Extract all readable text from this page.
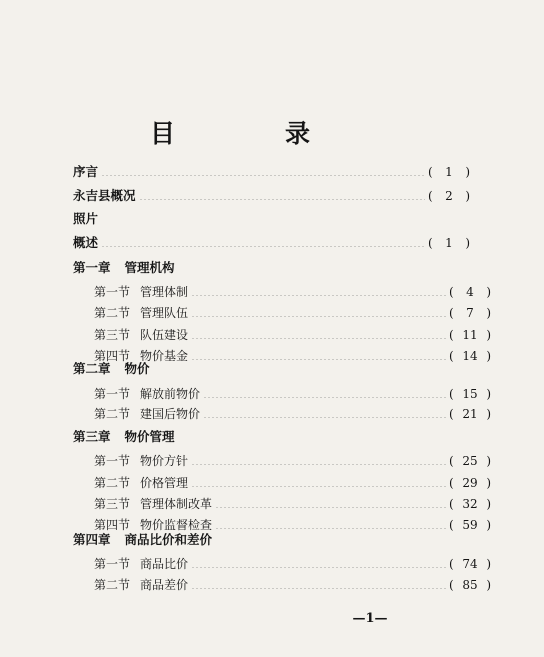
目	录
序言	(	1	)
永吉县概况	(	2	)
照片
概述	(	1	)
第一章 管理机构
第一节 管理体制	(	4	)
第二节 管理队伍	(	7	)
第三节 队伍建设	( 11 )
第四节 物价基金	( 14 )
第二章 物价
第一节 解放前物价	( 15 )
第二节 建国后物价	( 21 )
第三章 物价管理
第一节 物价方针	( 25 )
第二节 价格管理	( 29 )
第三节 管理体制改革	( 32 )
第四节 物价监督检查	( 59 )
第四章 商品比价和差价
第一节 商品比价	( 74 )
第二节 商品差价	( 85 )
—1—
